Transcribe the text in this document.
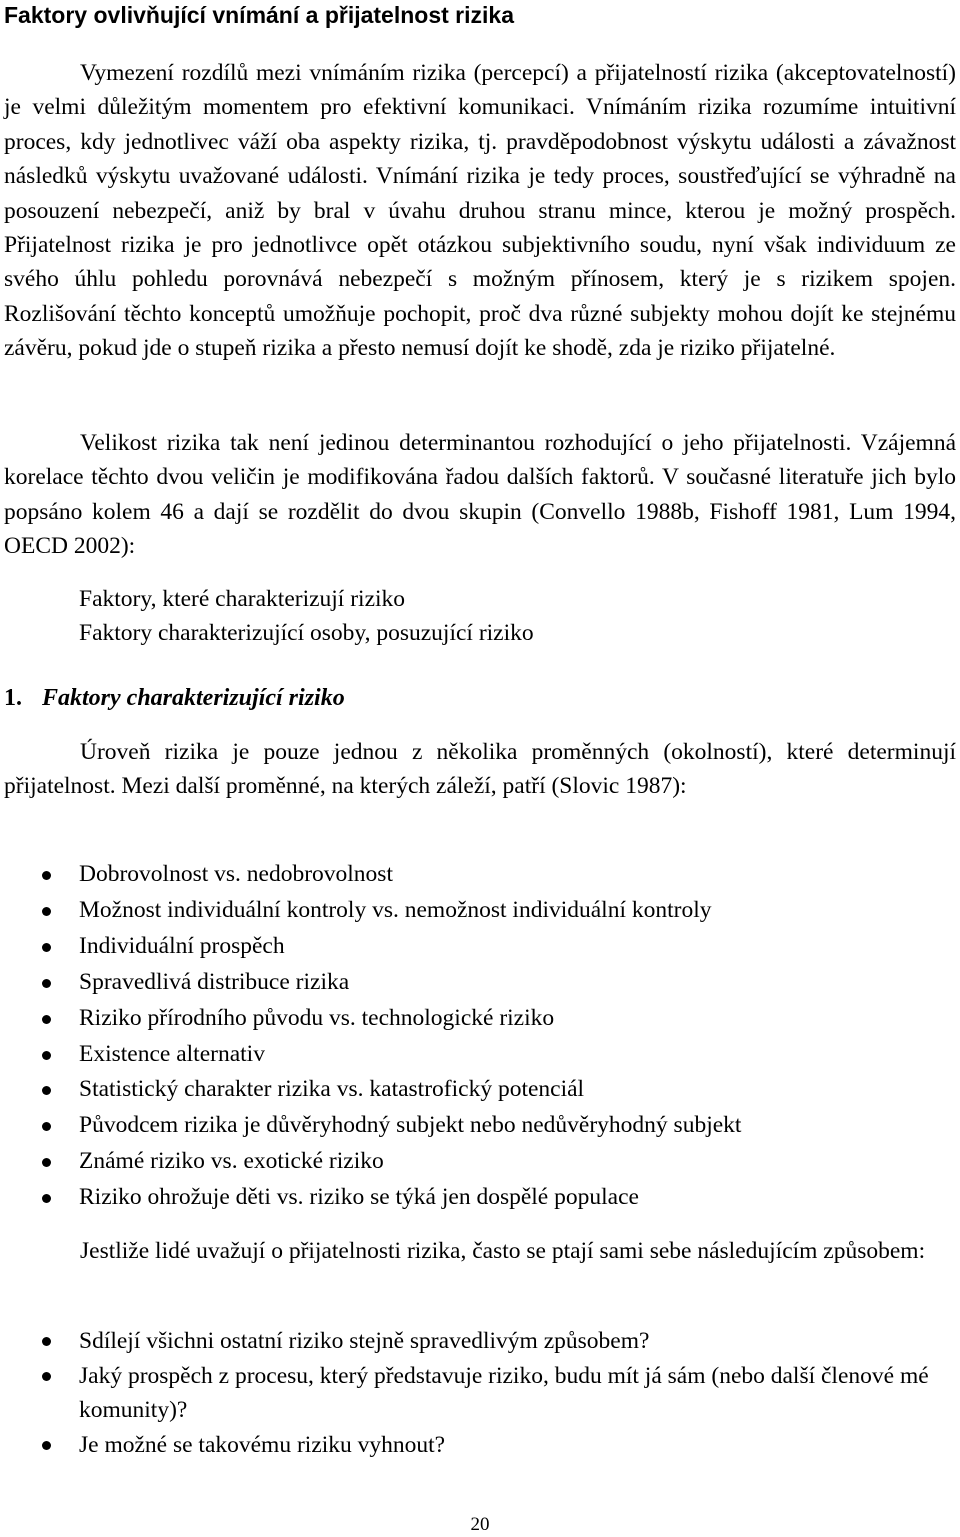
Faktory ovlivňující vnímání a přijatelnost rizika

Vymezení rozdílů mezi vnímáním rizika (percepcí) a přijatelností rizika (akceptovatelností) je velmi důležitým momentem pro efektivní komunikaci. Vnímáním rizika rozumíme intuitivní proces, kdy jednotlivec váží oba aspekty rizika, tj. pravděpodobnost výskytu události a závažnost následků výskytu uvažované události. Vnímání rizika je tedy proces, soustřeďující se výhradně na posouzení nebezpečí, aniž by bral v úvahu druhou stranu mince, kterou je možný prospěch. Přijatelnost rizika je pro jednotlivce opět otázkou subjektivního soudu, nyní však individuum ze svého úhlu pohledu porovnává nebezpečí s možným přínosem, který je s rizikem spojen. Rozlišování těchto konceptů umožňuje pochopit, proč dva různé subjekty mohou dojít ke stejnému závěru, pokud jde o stupeň rizika a přesto nemusí dojít ke shodě, zda je riziko přijatelné.

Velikost rizika tak není jedinou determinantou rozhodující o jeho přijatelnosti. Vzájemná korelace těchto dvou veličin je modifikována řadou dalších faktorů. V současné literatuře jich bylo popsáno kolem 46 a dají se rozdělit do dvou skupin (Convello 1988b, Fishoff 1981, Lum 1994, OECD 2002):

Faktory, které charakterizují riziko
Faktory charakterizující osoby, posuzující riziko
1. Faktory charakterizující riziko

Úroveň rizika je pouze jednou z několika proměnných (okolností), které determinují přijatelnost. Mezi další proměnné, na kterých záleží, patří (Slovic 1987):

Dobrovolnost vs. nedobrovolnost
Možnost individuální kontroly vs. nemožnost individuální kontroly
Individuální prospěch
Spravedlivá distribuce rizika
Riziko přírodního původu vs. technologické riziko
Existence alternativ
Statistický charakter rizika vs. katastrofický potenciál
Původcem rizika je důvěryhodný subjekt nebo nedůvěryhodný subjekt
Známé riziko vs. exotické riziko
Riziko ohrožuje děti vs. riziko se týká jen dospělé populace

Jestliže lidé uvažují o přijatelnosti rizika, často se ptají sami sebe následujícím způsobem:

Sdílejí všichni ostatní riziko stejně spravedlivým způsobem?
Jaký prospěch z procesu, který představuje riziko, budu mít já sám (nebo další členové mé komunity)?
Je možné se takovému riziku vyhnout?
20
